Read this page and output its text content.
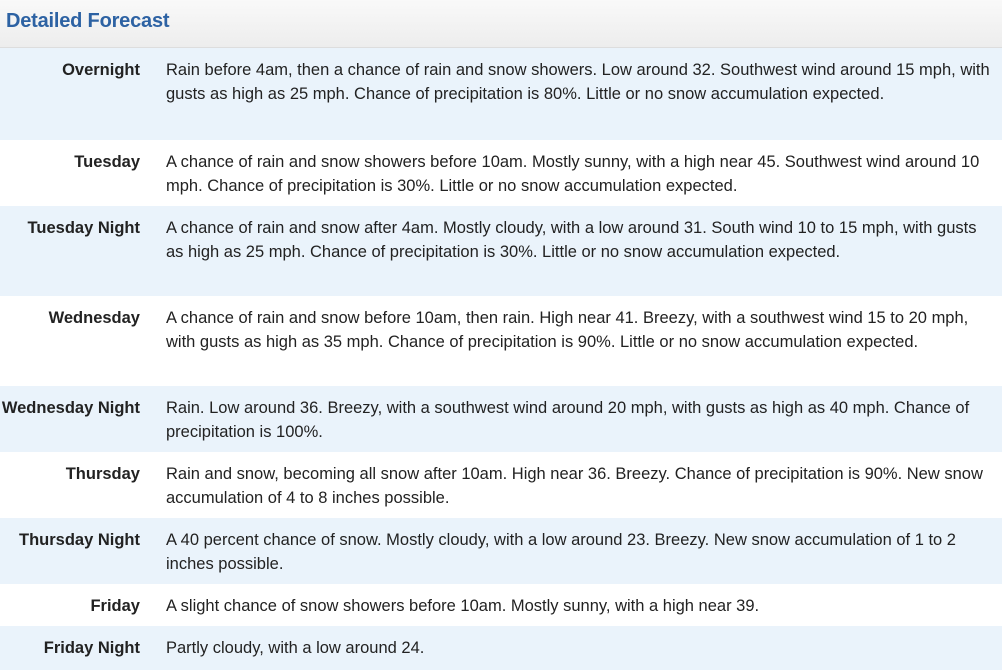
Detailed Forecast
Overnight	Rain before 4am, then a chance of rain and snow showers. Low around 32. Southwest wind around 15 mph, with gusts as high as 25 mph. Chance of precipitation is 80%. Little or no snow accumulation expected.
Tuesday	A chance of rain and snow showers before 10am. Mostly sunny, with a high near 45. Southwest wind around 10 mph. Chance of precipitation is 30%. Little or no snow accumulation expected.
Tuesday Night	A chance of rain and snow after 4am. Mostly cloudy, with a low around 31. South wind 10 to 15 mph, with gusts as high as 25 mph. Chance of precipitation is 30%. Little or no snow accumulation expected.
Wednesday	A chance of rain and snow before 10am, then rain. High near 41. Breezy, with a southwest wind 15 to 20 mph, with gusts as high as 35 mph. Chance of precipitation is 90%. Little or no snow accumulation expected.
Wednesday Night	Rain. Low around 36. Breezy, with a southwest wind around 20 mph, with gusts as high as 40 mph. Chance of precipitation is 100%.
Thursday	Rain and snow, becoming all snow after 10am. High near 36. Breezy. Chance of precipitation is 90%. New snow accumulation of 4 to 8 inches possible.
Thursday Night	A 40 percent chance of snow. Mostly cloudy, with a low around 23. Breezy. New snow accumulation of 1 to 2 inches possible.
Friday	A slight chance of snow showers before 10am. Mostly sunny, with a high near 39.
Friday Night	Partly cloudy, with a low around 24.
